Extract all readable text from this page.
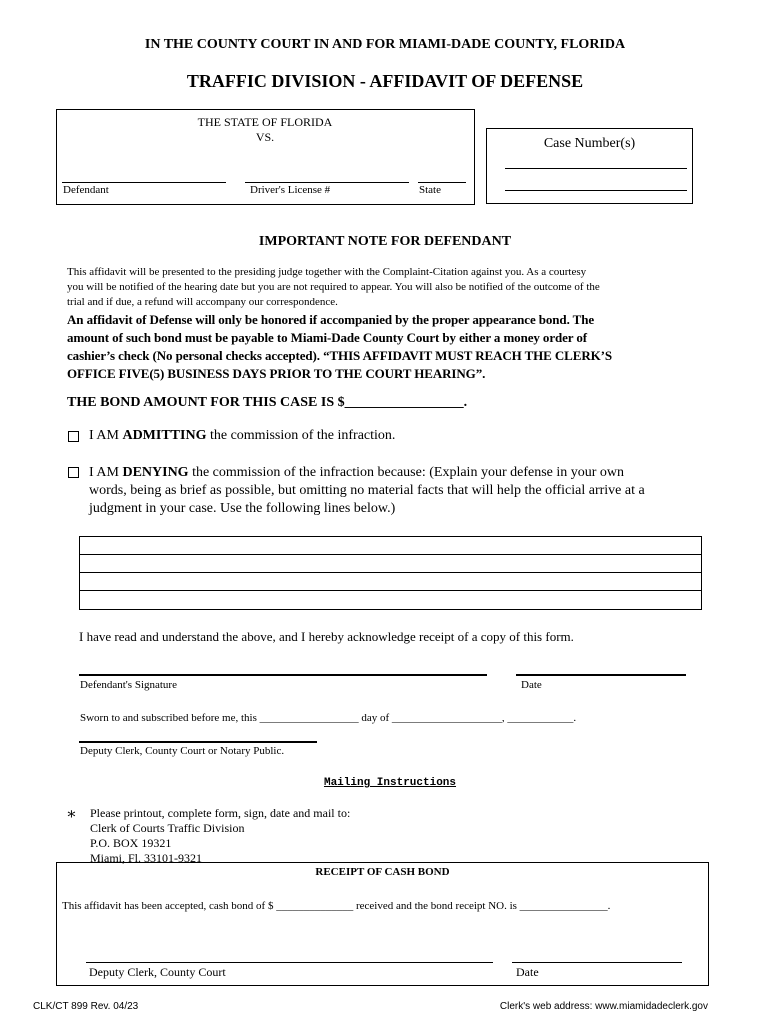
IN THE COUNTY COURT IN AND FOR MIAMI-DADE COUNTY, FLORIDA
TRAFFIC DIVISION - AFFIDAVIT OF DEFENSE
THE STATE OF FLORIDA
VS.
Defendant	Driver's License #	State
Case Number(s)
IMPORTANT NOTE FOR DEFENDANT
This affidavit will be presented to the presiding judge together with the Complaint-Citation against you. As a courtesy
you will be notified of the hearing date but you are not required to appear. You will also be notified of the outcome of the
trial and if due, a refund will accompany our correspondence.
An affidavit of Defense will only be honored if accompanied by the proper appearance bond. The
amount of such bond must be payable to Miami-Dade County Court by either a money order of
cashier’s check (No personal checks accepted). “THIS AFFIDAVIT MUST REACH THE CLERK’S
OFFICE FIVE(5) BUSINESS DAYS PRIOR TO THE COURT HEARING”.
THE BOND AMOUNT FOR THIS CASE IS $_________________.
I AM ADMITTING the commission of the infraction.
I AM DENYING the commission of the infraction because: (Explain your defense in your own
words, being as brief as possible, but omitting no material facts that will help the official arrive at a
judgment in your case. Use the following lines below.)
I have read and understand the above, and I hereby acknowledge receipt of a copy of this form.
Defendant's Signature	Date
Sworn to and subscribed before me, this __________________ day of ____________________, ____________.
Deputy Clerk, County Court or Notary Public.
Mailing Instructions
∗ Please printout, complete form, sign, date and mail to:
Clerk of Courts Traffic Division
P.O. BOX 19321
Miami, Fl. 33101-9321
RECEIPT OF CASH BOND
This affidavit has been accepted, cash bond of $ ______________ received and the bond receipt NO. is ________________.
Deputy Clerk, County Court	Date
CLK/CT 899 Rev. 04/23	Clerk's web address: www.miamidadeclerk.gov
